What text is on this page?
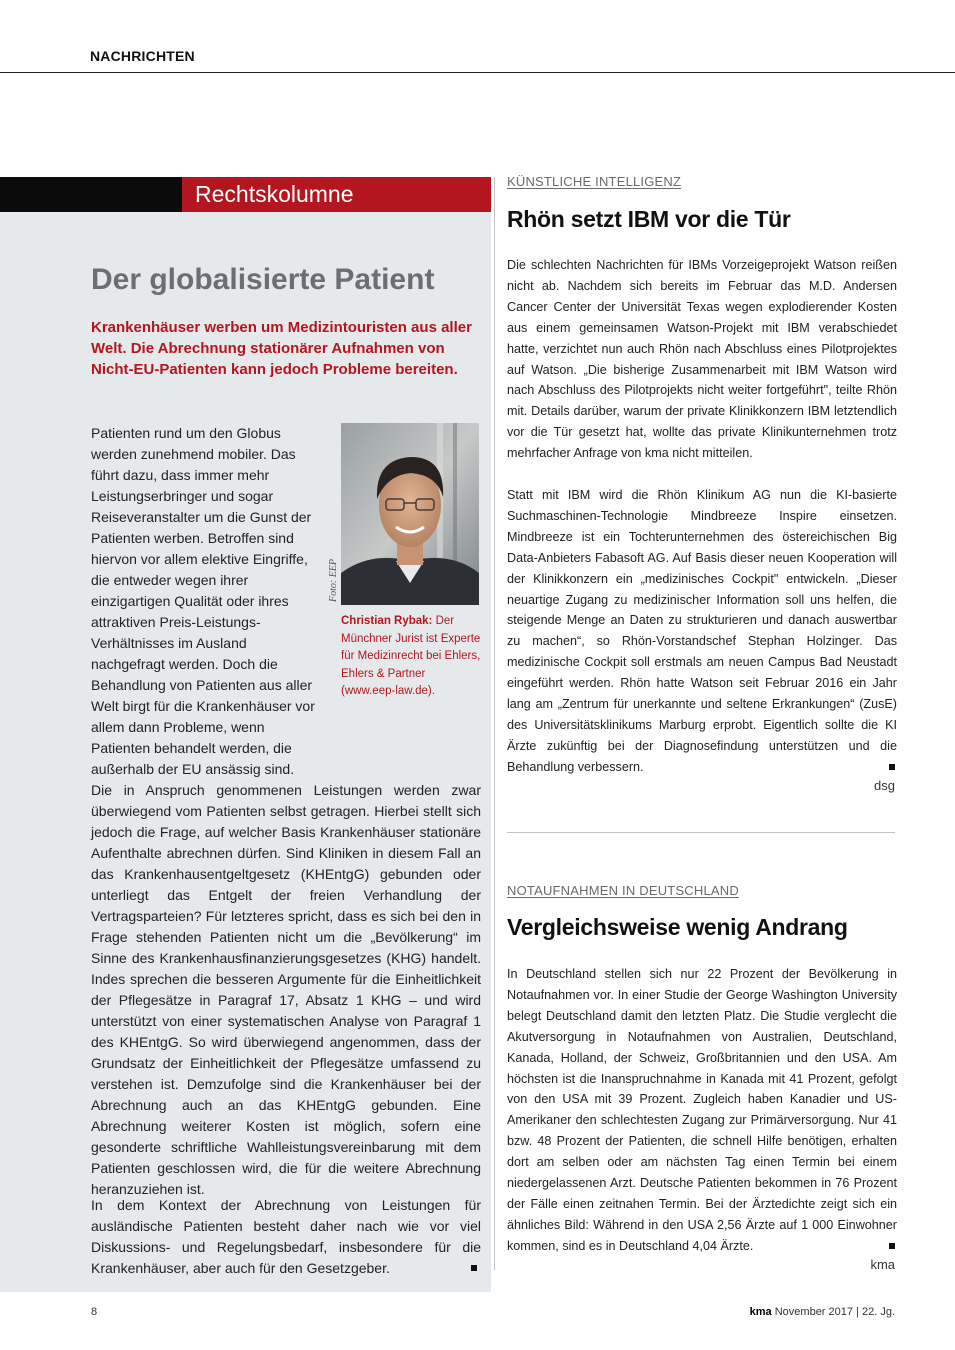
NACHRICHTEN
Rechtskolumne
Der globalisierte Patient
Krankenhäuser werben um Medizintouristen aus aller Welt. Die Abrechnung stationärer Aufnahmen von Nicht-EU-Patienten kann jedoch Probleme bereiten.
Patienten rund um den Globus werden zunehmend mobiler. Das führt dazu, dass immer mehr Leistungserbringer und sogar Reiseveranstalter um die Gunst der Patienten werben. Betroffen sind hiervon vor allem elektive Eingriffe, die entweder wegen ihrer einzigartigen Qualität oder ihres attraktiven Preis-Leistungs-Verhältnisses im Ausland nachgefragt werden. Doch die Behandlung von Patienten aus aller Welt birgt für die Krankenhäuser vor allem dann Probleme, wenn Patienten behandelt werden, die außerhalb der EU ansässig sind.
Foto: EEP
Christian Rybak: Der Münchner Jurist ist Experte für Medizinrecht bei Ehlers, Ehlers & Partner (www.eep-law.de).
Die in Anspruch genommenen Leistungen werden zwar überwiegend vom Patienten selbst getragen. Hierbei stellt sich jedoch die Frage, auf welcher Basis Krankenhäuser stationäre Aufenthalte abrechnen dürfen. Sind Kliniken in diesem Fall an das Krankenhausentgeltgesetz (KHEntgG) gebunden oder unterliegt das Entgelt der freien Verhandlung der Vertragsparteien? Für letzteres spricht, dass es sich bei den in Frage stehenden Patienten nicht um die „Bevölkerung“ im Sinne des Krankenhausfinanzierungsgesetzes (KHG) handelt. Indes sprechen die besseren Argumente für die Einheitlichkeit der Pflegesätze in Paragraf 17, Absatz 1 KHG – und wird unterstützt von einer systematischen Analyse von Paragraf 1 des KHEntgG. So wird überwiegend angenommen, dass der Grundsatz der Einheitlichkeit der Pflegesätze umfassend zu verstehen ist. Demzufolge sind die Krankenhäuser bei der Abrechnung auch an das KHEntgG gebunden. Eine Abrechnung weiterer Kosten ist möglich, sofern eine gesonderte schriftliche Wahlleistungsvereinbarung mit dem Patienten geschlossen wird, die für die weitere Abrechnung heranzuziehen ist.
In dem Kontext der Abrechnung von Leistungen für ausländische Patienten besteht daher nach wie vor viel Diskussions- und Regelungsbedarf, insbesondere für die Krankenhäuser, aber auch für den Gesetzgeber.
KÜNSTLICHE INTELLIGENZ
Rhön setzt IBM vor die Tür
Die schlechten Nachrichten für IBMs Vorzeigeprojekt Watson reißen nicht ab. Nachdem sich bereits im Februar das M.D. Andersen Cancer Center der Universität Texas wegen explodierender Kosten aus einem gemeinsamen Watson-Projekt mit IBM verabschiedet hatte, verzichtet nun auch Rhön nach Abschluss eines Pilotprojektes auf Watson. „Die bisherige Zusammenarbeit mit IBM Watson wird nach Abschluss des Pilotprojekts nicht weiter fortgeführt", teilte Rhön mit. Details darüber, warum der private Klinikkonzern IBM letztendlich vor die Tür gesetzt hat, wollte das private Klinikunternehmen trotz mehrfacher Anfrage von kma nicht mitteilen.
Statt mit IBM wird die Rhön Klinikum AG nun die KI-basierte Suchmaschinen-Technologie Mindbreeze Inspire einsetzen. Mindbreeze ist ein Tochterunternehmen des östereichischen Big Data-Anbieters Fabasoft AG. Auf Basis dieser neuen Kooperation will der Klinikkonzern ein „medizinisches Cockpit" entwickeln. „Dieser neuartige Zugang zu medizinischer Information soll uns helfen, die steigende Menge an Daten zu strukturieren und danach auswertbar zu machen“, so Rhön-Vorstandschef Stephan Holzinger. Das medizinische Cockpit soll erstmals am neuen Campus Bad Neustadt eingeführt werden. Rhön hatte Watson seit Februar 2016 ein Jahr lang am „Zentrum für unerkannte und seltene Erkrankungen“ (ZusE) des Universitätsklinikums Marburg erprobt. Eigentlich sollte die KI Ärzte zukünftig bei der Diagnosefindung unterstützen und die Behandlung verbessern.
dsg
NOTAUFNAHMEN IN DEUTSCHLAND
Vergleichsweise wenig Andrang
In Deutschland stellen sich nur 22 Prozent der Bevölkerung in Notaufnahmen vor. In einer Studie der George Washington University belegt Deutschland damit den letzten Platz. Die Studie verglecht die Akutversorgung in Notaufnahmen von Australien, Deutschland, Kanada, Holland, der Schweiz, Großbritannien und den USA. Am höchsten ist die Inanspruchnahme in Kanada mit 41 Prozent, gefolgt von den USA mit 39 Prozent. Zugleich haben Kanadier und US-Amerikaner den schlechtesten Zugang zur Primärversorgung. Nur 41 bzw. 48 Prozent der Patienten, die schnell Hilfe benötigen, erhalten dort am selben oder am nächsten Tag einen Termin bei einem niedergelassenen Arzt. Deutsche Patienten bekommen in 76 Prozent der Fälle einen zeitnahen Termin. Bei der Ärztedichte zeigt sich ein ähnliches Bild: Während in den USA 2,56 Ärzte auf 1 000 Einwohner kommen, sind es in Deutschland 4,04 Ärzte.
kma
8	kma November 2017 | 22. Jg.
